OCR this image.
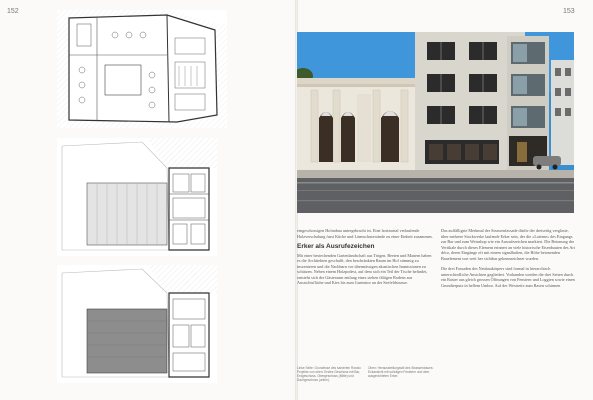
152	153

eingeschossigen Hofanbau untergebracht ist. Eine horizontal verlaufende Holzverschalung fasst Küche und Lärmschutzwände zu einer Einheit zusammen.

Erker als Ausrufezeichen

Mit einer bestechenden Gartenlandschaft aus Trögen, Beeten und Mauern haben es die Architekten geschafft, den beschränkten Raum im Hof stimmig zu inszenieren und die Nachbarn vor übermässigen akustischen Immissionen zu schützen. Neben einem Holzpodest, auf dem sich ein Teil der Tische befindet, entsteht sich der Gästeraum entlang eines sieben fältigen Bodens aus Aussichtsfläche und Kies bis zum Gartentor an der Seefeldstrasse.

Das auffälligste Merkmal der Strassenfassade dürfte der dreiseitig verglaste, über mehrere Stockwerke laufende Erker sein, der die «Laterne» des Eingangs zur Bar und zum Weinshop wie ein Ausrufezeichen markiert. Die Betonung der Vertikale durch dieses Element erinnert an viele historische Eisenbauten des Art déco, deren Eingänge oft mit einem signalhaften, die Höhe betonenden Bauelement von weit her sichtbar gekennzeichnet wurden.

Die drei Fassaden des Neubaukörpers sind formal in hierarchisch unterschiedliche Ansichten gegliedert. Vorhanden werden die drei Seiten durch ein Raster aus gleich grossen Öffnungen von Fenstern und Loggien sowie einen Grundierputz in hellem Umbra. Auf der Westseite zum Rasen schirmen

Linke Seite: Grundrisse des sanierten Rossio Projekts von oben: Erstes Geschoss mit Bar, Erdgeschoss, Obergeschoss (Mitte) und Dachgeschoss (unten).
Oben: Herausstellungsstil des Strassenbaues: Eckansicht mit schrägen Fenstern und dem ausgerichteten Erker.
